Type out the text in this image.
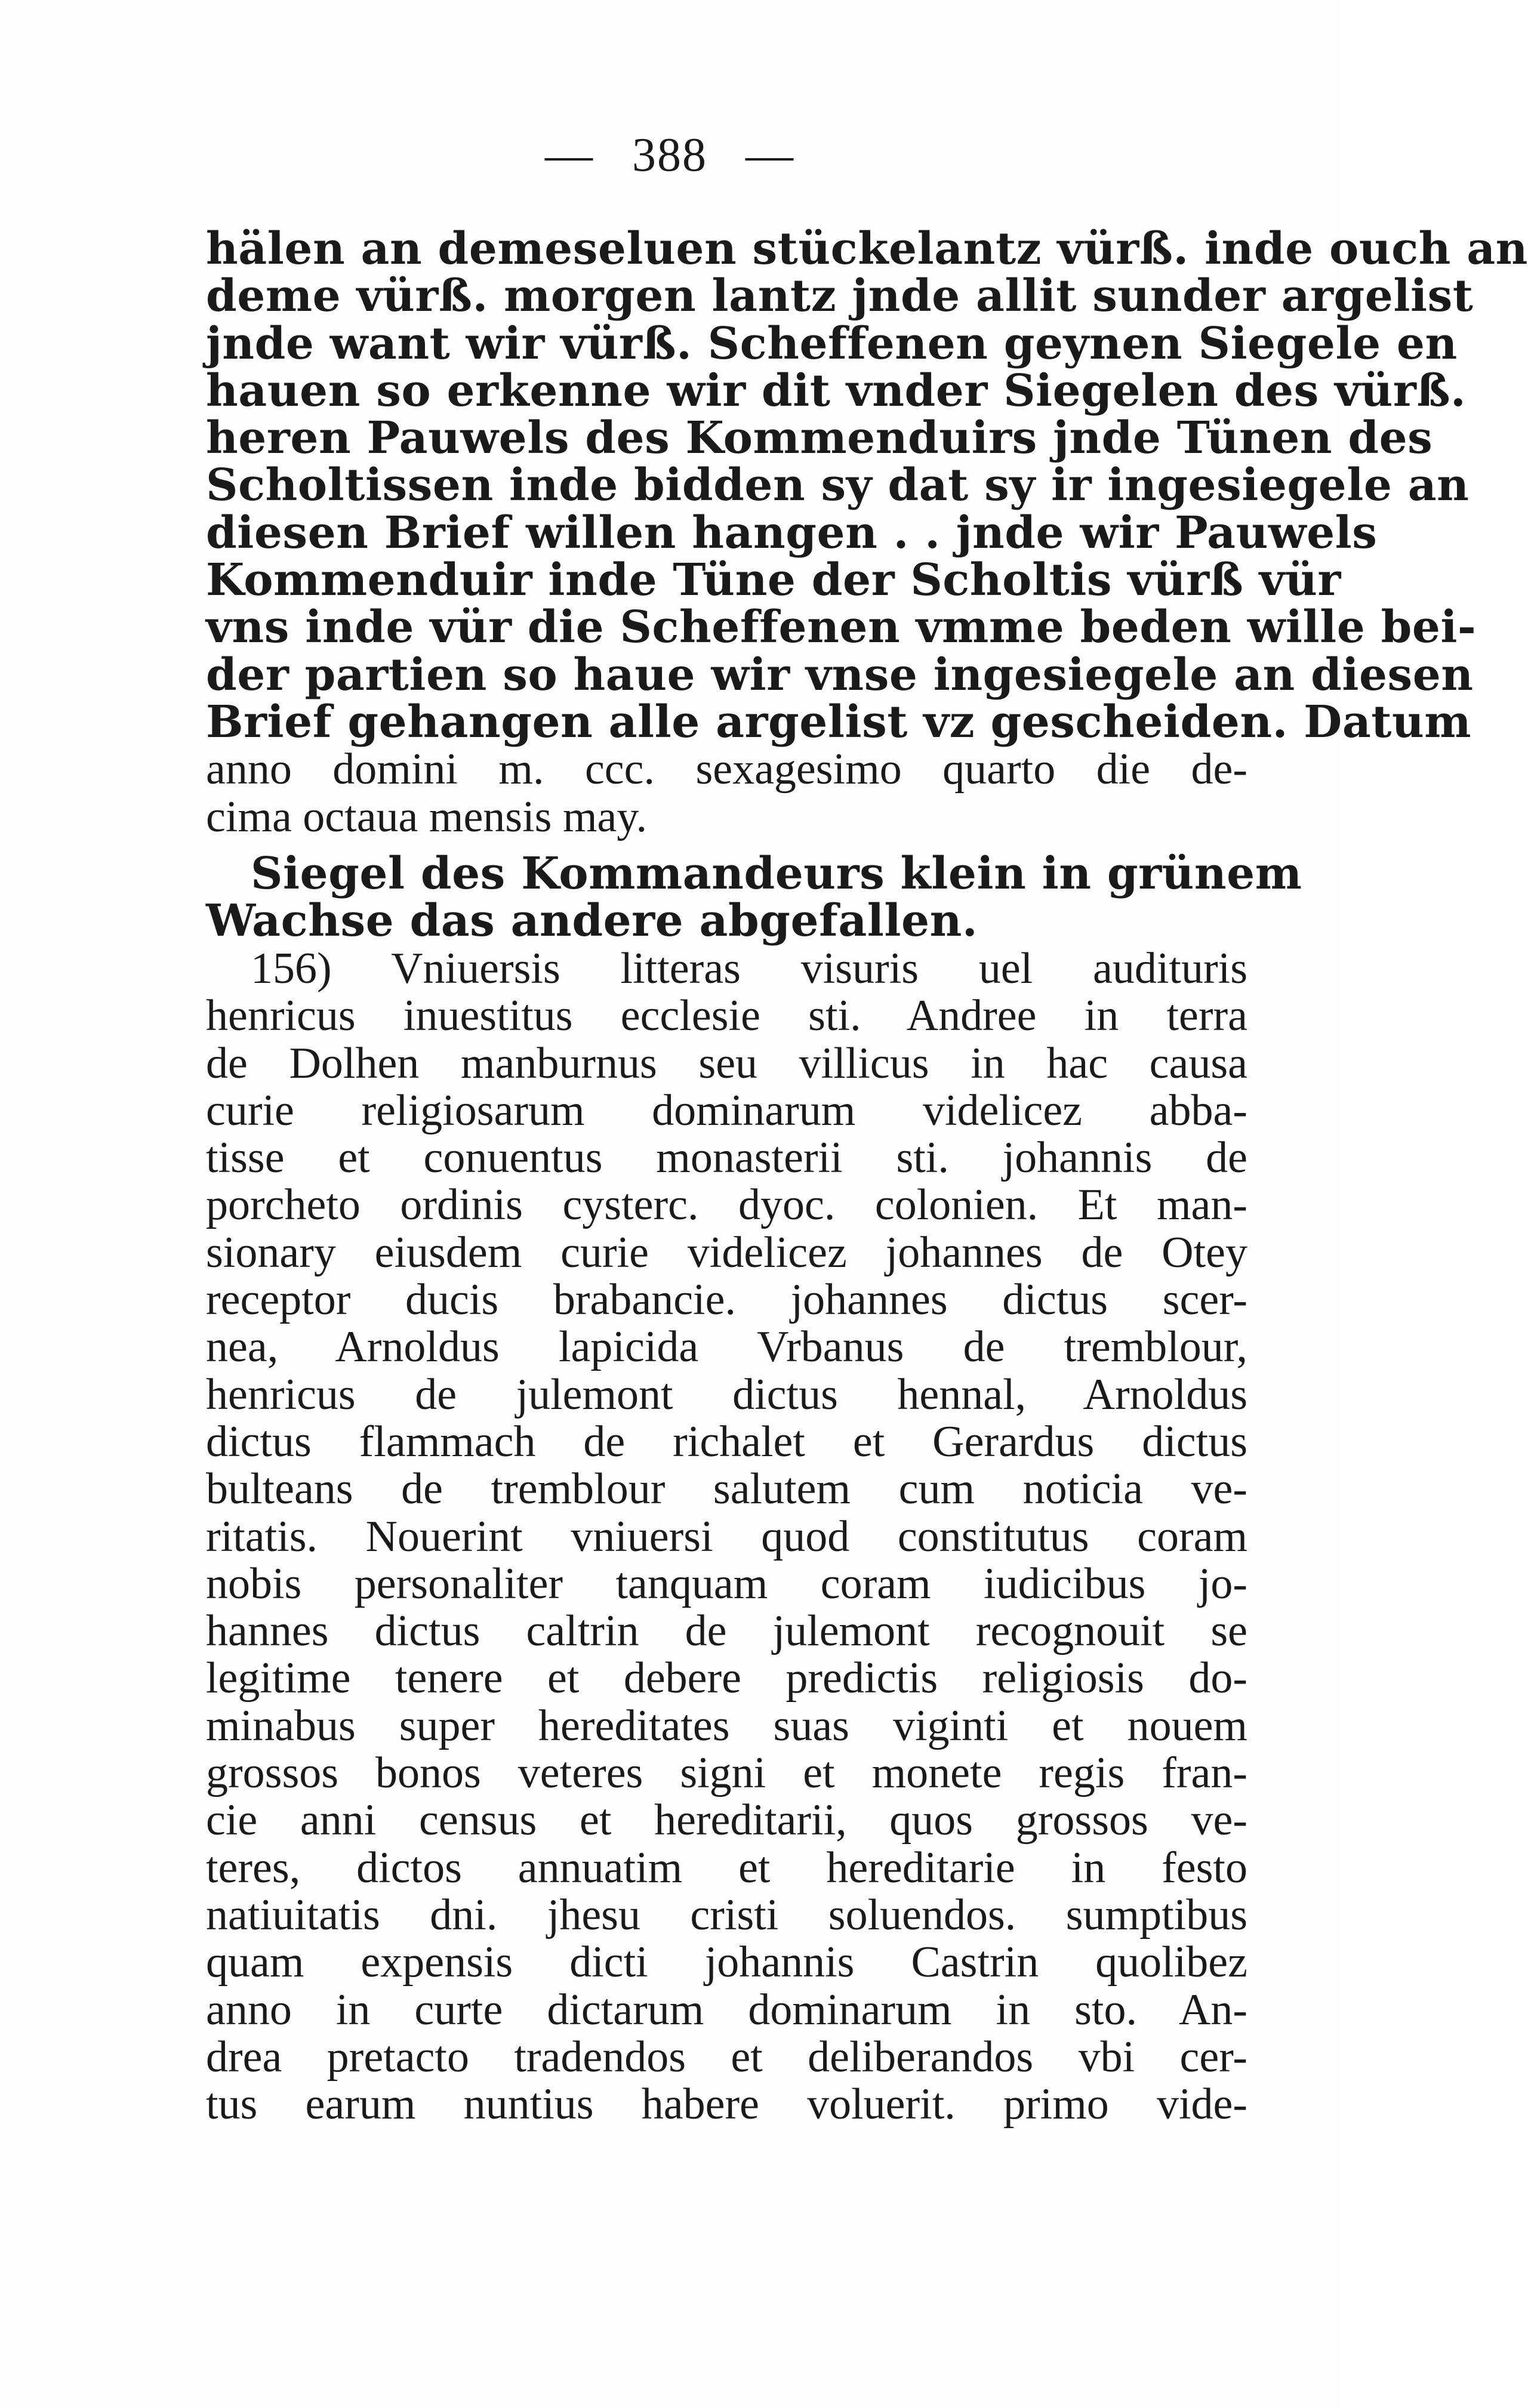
— 388 —
hälen an demeseluen stückelantz vürß. inde ouch an
deme vürß. morgen lantz jnde allit sunder argelist
jnde want wir vürß. Scheffenen geynen Siegele en
hauen so erkenne wir dit vnder Siegelen des vürß.
heren Pauwels des Kommenduirs jnde Tünen des
Scholtissen inde bidden sy dat sy ir ingesiegele an
diesen Brief willen hangen . . jnde wir Pauwels
Kommenduir inde Tüne der Scholtis vürß vür
vns inde vür die Scheffenen vmme beden wille bei-
der partien so haue wir vnse ingesiegele an diesen
Brief gehangen alle argelist vz gescheiden. Datum
anno domini m. ccc. sexagesimo quarto die de-
cima octaua mensis may.
Siegel des Kommandeurs klein in grünem
Wachse das andere abgefallen.
156) Vniuersis litteras visuris uel audituris
henricus inuestitus ecclesie sti. Andree in terra
de Dolhen manburnus seu villicus in hac causa
curie religiosarum dominarum videlicez abba-
tisse et conuentus monasterii sti. johannis de
porcheto ordinis cysterc. dyoc. colonien. Et man-
sionary eiusdem curie videlicez johannes de Otey
receptor ducis brabancie. johannes dictus scer-
nea, Arnoldus lapicida Vrbanus de tremblour,
henricus de julemont dictus hennal, Arnoldus
dictus flammach de richalet et Gerardus dictus
bulteans de tremblour salutem cum noticia ve-
ritatis. Nouerint vniuersi quod constitutus coram
nobis personaliter tanquam coram iudicibus jo-
hannes dictus caltrin de julemont recognouit se
legitime tenere et debere predictis religiosis do-
minabus super hereditates suas viginti et nouem
grossos bonos veteres signi et monete regis fran-
cie anni census et hereditarii, quos grossos ve-
teres, dictos annuatim et hereditarie in festo
natiuitatis dni. jhesu cristi soluendos. sumptibus
quam expensis dicti johannis Castrin quolibez
anno in curte dictarum dominarum in sto. An-
drea pretacto tradendos et deliberandos vbi cer-
tus earum nuntius habere voluerit. primo vide-
